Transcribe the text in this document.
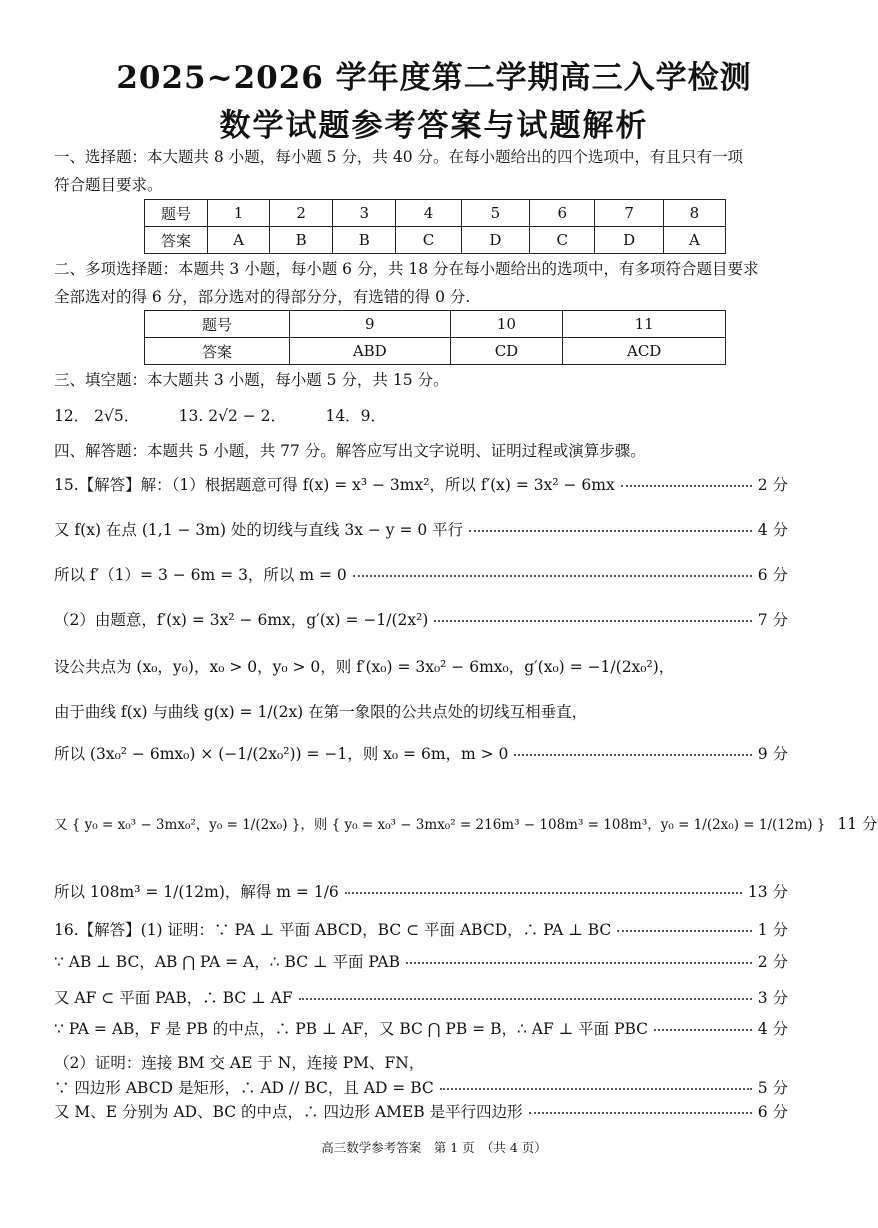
2025~2026 学年度第二学期高三入学检测
数学试题参考答案与试题解析
一、选择题：本大题共 8 小题，每小题 5 分，共 40 分。在每小题给出的四个选项中，有且只有一项
符合题目要求。
题号	1	2	3	4	5	6	7	8
答案	A	B	B	C	D	C	D	A
二、多项选择题：本题共 3 小题，每小题 6 分，共 18 分在每小题给出的选项中，有多项符合题目要求
全部选对的得 6 分，部分选对的得部分分，有选错的得 0 分.
题号	9	10	11
答案	ABD	CD	ACD
三、填空题：本大题共 3 小题，每小题 5 分，共 15 分。
12． 2√5．        13. 2√2 − 2．        14．9．
四、解答题：本题共 5 小题，共 77 分。解答应写出文字说明、证明过程或演算步骤。
15.【解答】解：（1）根据题意可得 f(x) = x³ − 3mx²，所以 f′(x) = 3x² − 6mx	2 分
又 f(x) 在点 (1,1 − 3m) 处的切线与直线 3x − y = 0 平行	4 分
所以 f′（1）= 3 − 6m = 3，所以 m = 0	6 分
（2）由题意，f′(x) = 3x² − 6mx，g′(x) = −1/(2x²)	7 分
设公共点为 (x₀，y₀)，x₀ > 0，y₀ > 0，则 f′(x₀) = 3x₀² − 6mx₀，g′(x₀) = −1/(2x₀²)，
由于曲线 f(x) 与曲线 g(x) = 1/(2x) 在第一象限的公共点处的切线互相垂直，
所以 (3x₀² − 6mx₀) × (−1/(2x₀²)) = −1，则 x₀ = 6m，m > 0	9 分
又 { y₀ = x₀³ − 3mx₀²，y₀ = 1/(2x₀) }，则 { y₀ = x₀³ − 3mx₀² = 216m³ − 108m³ = 108m³，y₀ = 1/(2x₀) = 1/(12m) } 11 分
所以 108m³ = 1/(12m)，解得 m = 1/6	13 分
16.【解答】(1) 证明：∵ PA ⊥ 平面 ABCD，BC ⊂ 平面 ABCD，∴ PA ⊥ BC	1 分
∵ AB ⊥ BC，AB ⋂ PA = A，∴ BC ⊥ 平面 PAB	2 分
又 AF ⊂ 平面 PAB，∴ BC ⊥ AF	3 分
∵ PA = AB，F 是 PB 的中点，∴ PB ⊥ AF，又 BC ⋂ PB = B，∴ AF ⊥ 平面 PBC	4 分
（2）证明：连接 BM 交 AE 于 N，连接 PM、FN，
∵ 四边形 ABCD 是矩形，∴ AD // BC，且 AD = BC	5 分
又 M、E 分别为 AD、BC 的中点，∴ 四边形 AMEB 是平行四边形	6 分
高三数学参考答案　第 1 页　（共 4 页）
